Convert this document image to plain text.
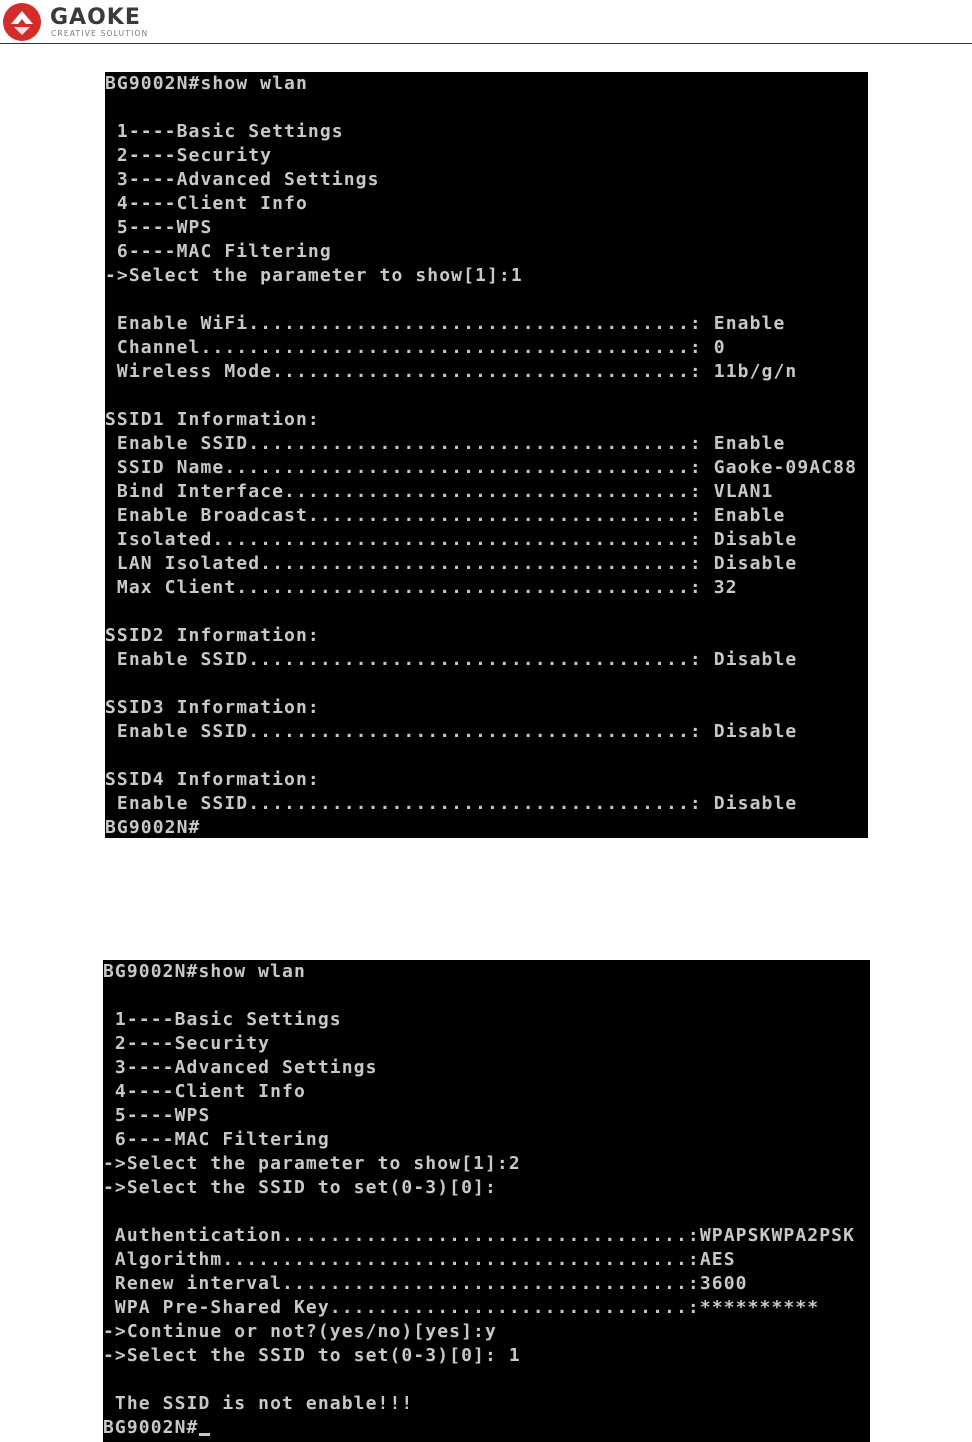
GAOKE
CREATIVE SOLUTION
BG9002N#show wlan
1----Basic Settings
2----Security
3----Advanced Settings
4----Client Info
5----WPS
6----MAC Filtering
->Select the parameter to show[1]:1
Enable WiFi.....................................: Enable
Channel.........................................: 0
Wireless Mode...................................: 11b/g/n
SSID1 Information:
Enable SSID.....................................: Enable
SSID Name.......................................: Gaoke-09AC88
Bind Interface..................................: VLAN1
Enable Broadcast................................: Enable
Isolated........................................: Disable
LAN Isolated....................................: Disable
Max Client......................................: 32
SSID2 Information:
Enable SSID.....................................: Disable
SSID3 Information:
Enable SSID.....................................: Disable
SSID4 Information:
Enable SSID.....................................: Disable
BG9002N#
BG9002N#show wlan
1----Basic Settings
2----Security
3----Advanced Settings
4----Client Info
5----WPS
6----MAC Filtering
->Select the parameter to show[1]:2
->Select the SSID to set(0-3)[0]:
Authentication..................................:WPAPSKWPA2PSK
Algorithm.......................................:AES
Renew interval..................................:3600
WPA Pre-Shared Key..............................:**********
->Continue or not?(yes/no)[yes]:y
->Select the SSID to set(0-3)[0]: 1
The SSID is not enable!!!
BG9002N#
